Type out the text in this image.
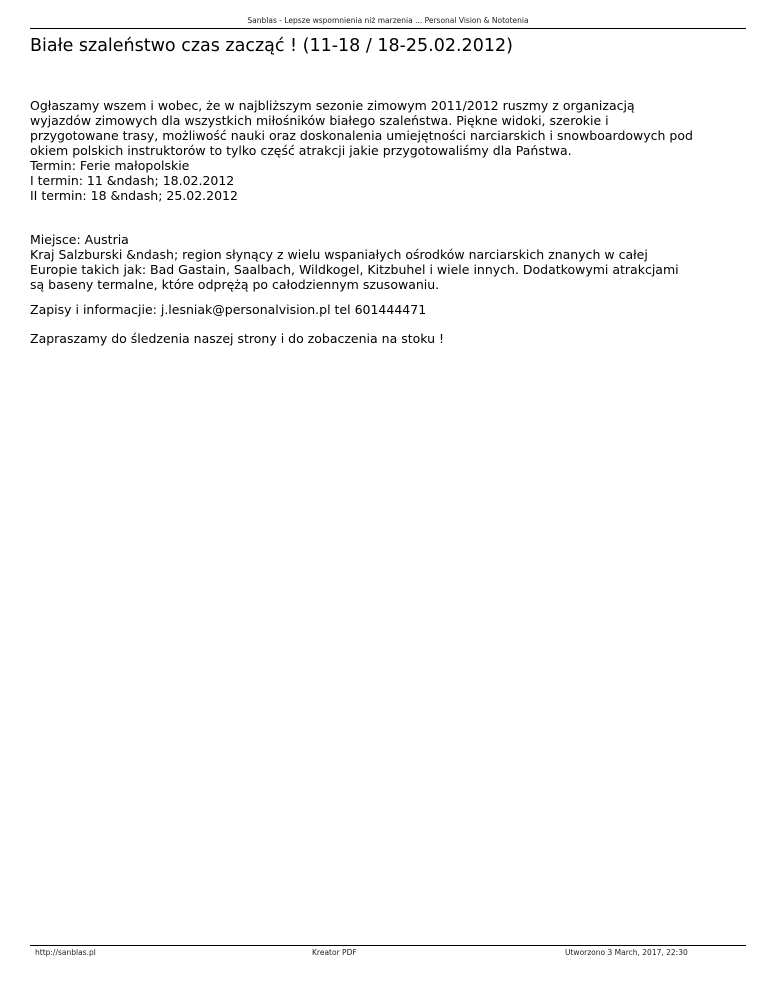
Sanblas - Lepsze wspomnienia niż marzenia ... Personal Vision & Nototenia
Białe szaleństwo czas zacząć ! (11-18 / 18-25.02.2012)
Ogłaszamy wszem i wobec, że w najbliższym sezonie zimowym 2011/2012 ruszmy z organizacją
wyjazdów zimowych dla wszystkich miłośników białego szaleństwa. Piękne widoki, szerokie i
przygotowane trasy, możliwość nauki oraz doskonalenia umiejętności narciarskich i snowboardowych pod
okiem polskich instruktorów to tylko część atrakcji jakie przygotowaliśmy dla Państwa.
Termin: Ferie małopolskie
I termin: 11 &ndash; 18.02.2012
II termin: 18 &ndash; 25.02.2012
Miejsce: Austria
Kraj Salzburski &ndash; region słynący z wielu wspaniałych ośrodków narciarskich znanych w całej
Europie takich jak: Bad Gastain, Saalbach, Wildkogel, Kitzbuhel i wiele innych. Dodatkowymi atrakcjami
są baseny termalne, które odprężą po całodziennym szusowaniu.
Zapisy i informacjie: j.lesniak@personalvision.pl tel 601444471
Zapraszamy do śledzenia naszej strony i do zobaczenia na stoku !
http://sanblas.pl	Kreator PDF	Utworzono 3 March, 2017, 22:30
